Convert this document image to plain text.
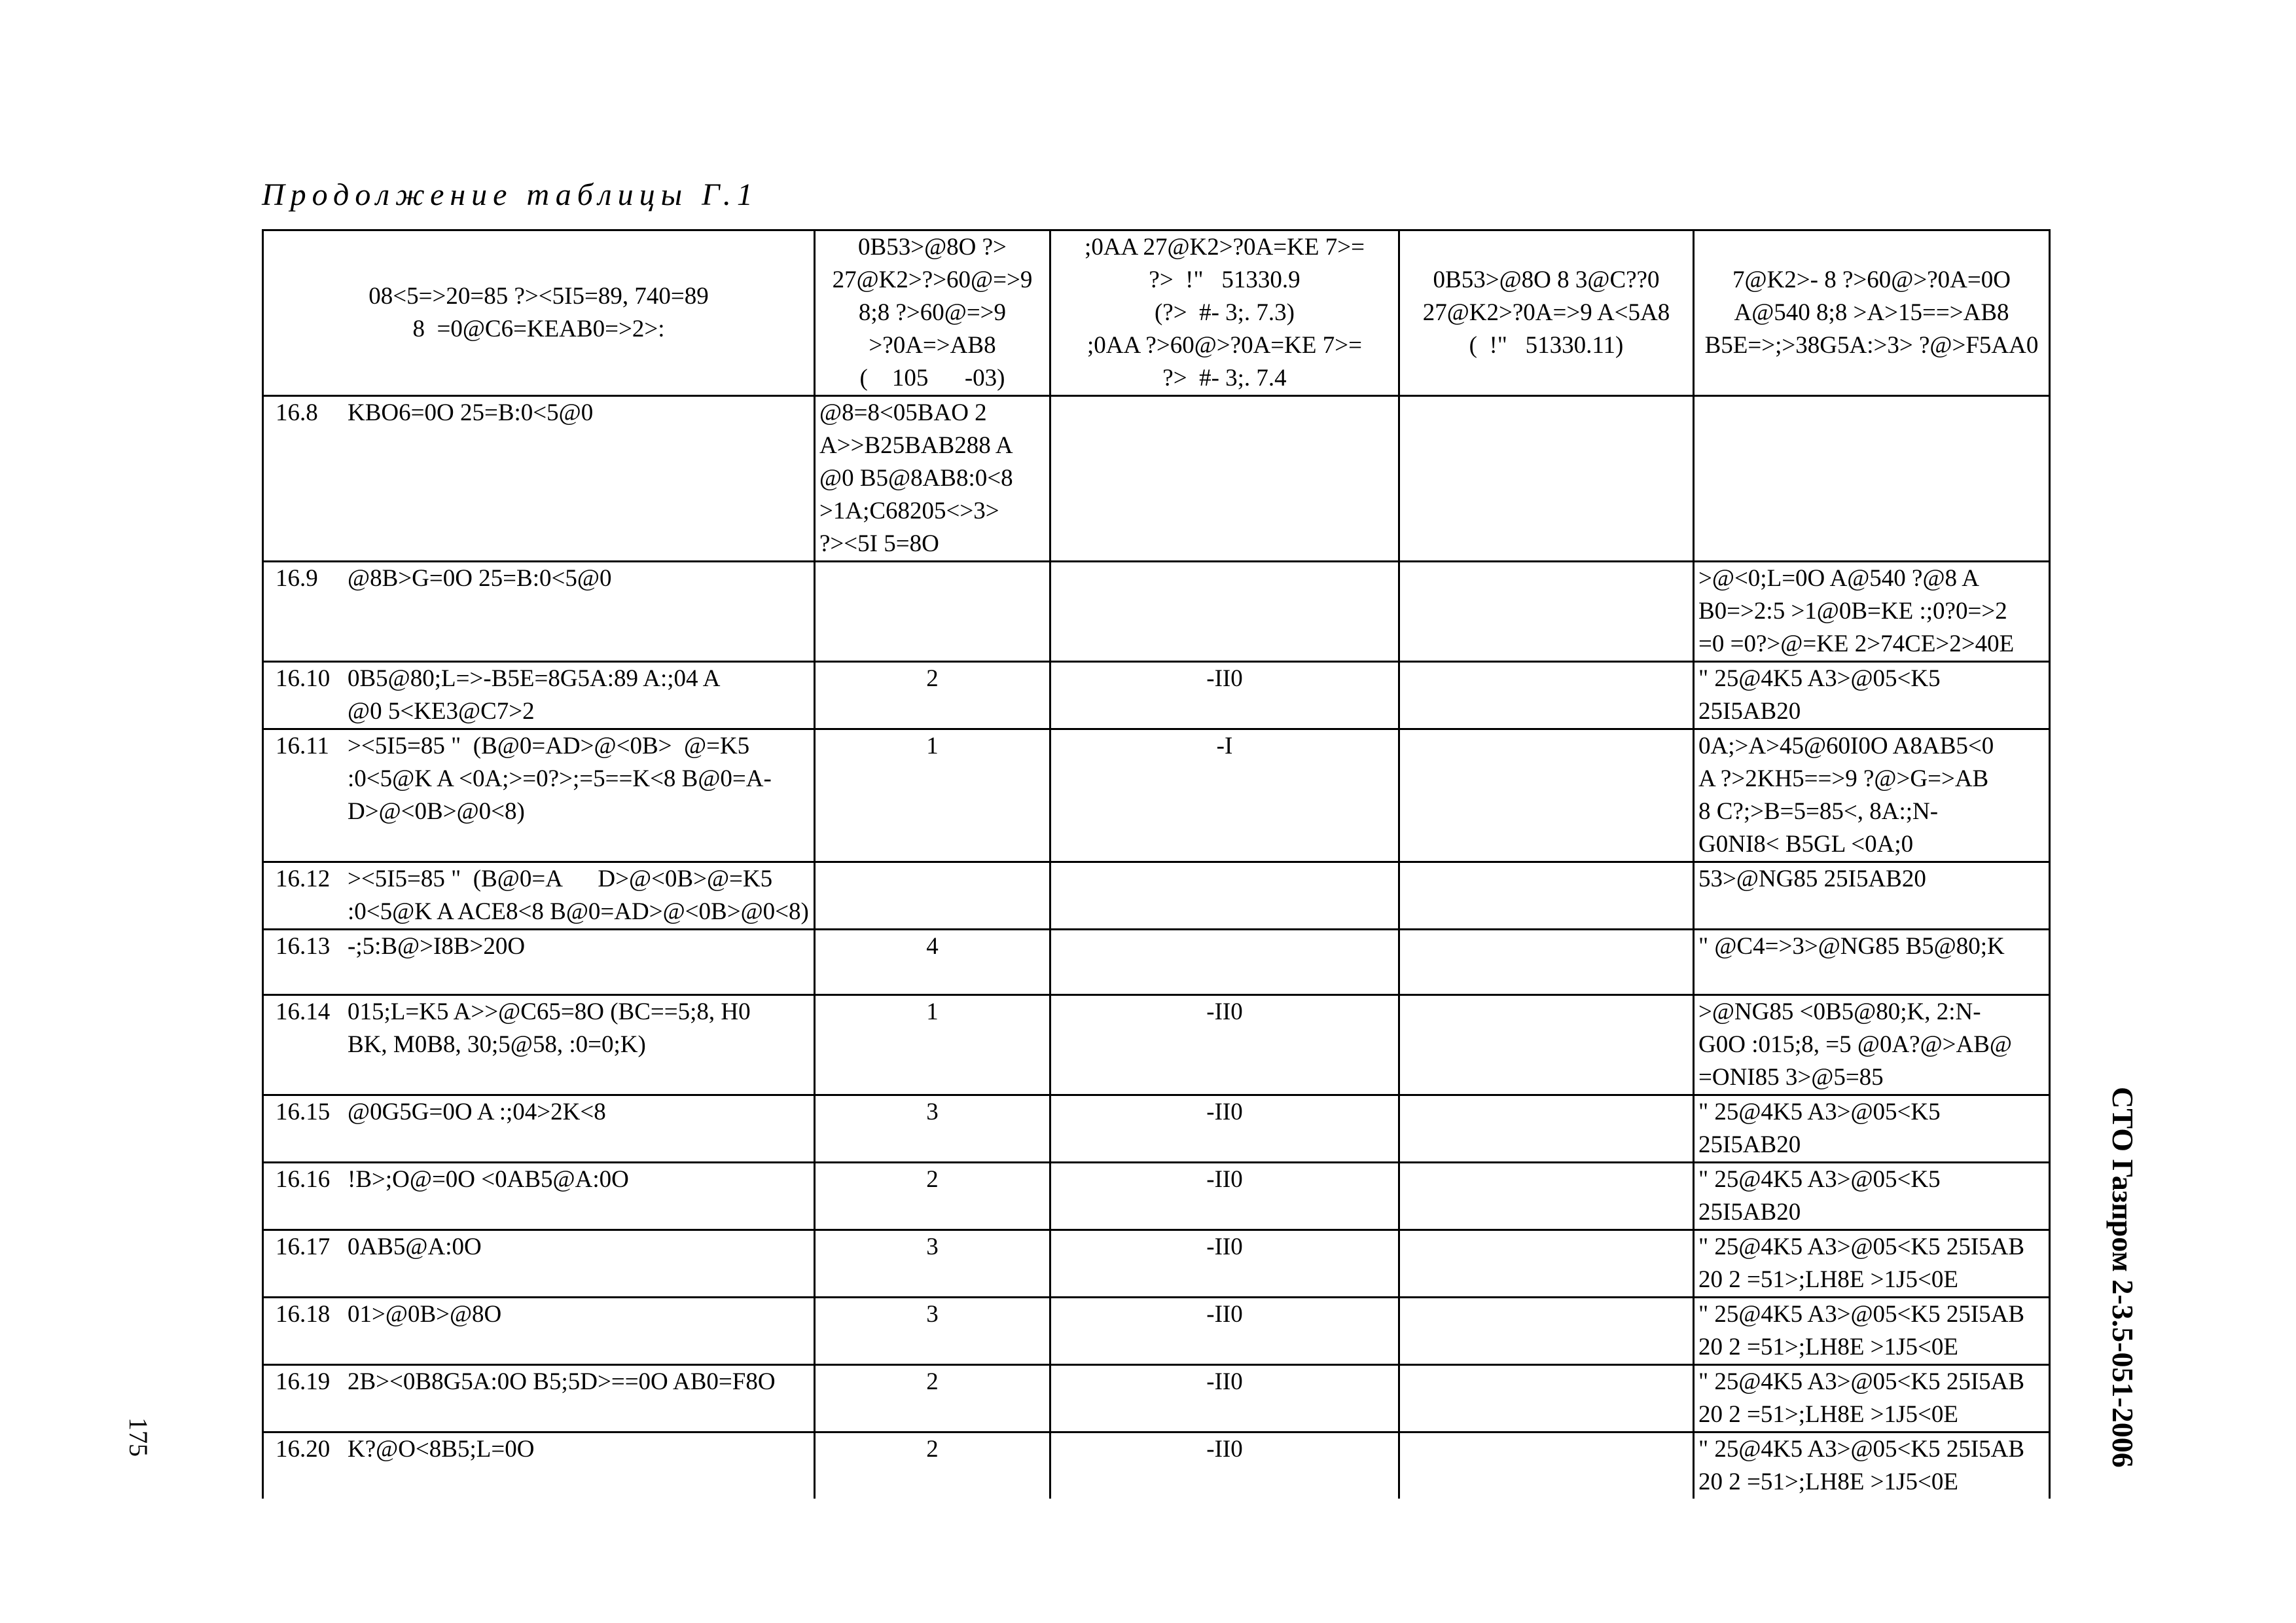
Продолжение таблицы Г.1
08<5=>20=85 ?><5I5=89, 740=89
8  =0@C6=KEAB0=>2>:	0B53>@8O ?>
27@K2>?>60@=>9
8;8 ?>60@=>9
>?0A=>AB8
(    105      -03)	;0AA 27@K2>?0A=KE 7>=
?>  !"   51330.9
(?>  #- 3;. 7.3)
;0AA ?>60@>?0A=KE 7>=
?>  #- 3;. 7.4	0B53>@8O 8 3@C??0
27@K2>?0A=>9 A<5A8
(  !"   51330.11)	7@K2>- 8 ?>60@>?0A=0O
A@540 8;8 >A>15==>AB8
B5E=>;>38G5A:>3> ?@>F5AA0
16.8 KBO6=0O 25=B:0<5@0	@8=8<05BAO 2
A>>B25BAB288 A
@0 B5@8AB8:0<8
>1A;C68205<>3>
?><5I 5=8O			
16.9 @8B>G=0O 25=B:0<5@0				>@<0;L=0O A@540 ?@8 A
B0=>2:5 >1@0B=KE :;0?0=>2
=0 =0?>@=KE 2>74CE>2>40E
16.10 0B5@80;L=>-B5E=8G5A:89 A:;04 A
@0 5<KE3@C7>2	2	-II0		" 25@4K5 A3>@05<K5
25I5AB20
16.11 ><5I5=85 "  (B@0=AD>@<0B>  @=K5
:0<5@K A <0A;>=0?>;=5==K<8 B@0=A-
D>@<0B>@0<8)	1	-I		0A;>A>45@60I0O A8AB5<0
A ?>2KH5==>9 ?@>G=>AB
8 C?;>B=5=85<, 8A:;N-
G0NI8< B5GL <0A;0
16.12 ><5I5=85 "  (B@0=A      D>@<0B>@=K5
:0<5@K A ACE8<8 B@0=AD>@<0B>@0<8)				53>@NG85 25I5AB20
16.13 -;5:B@>I8B>20O	4			" @C4=>3>@NG85 B5@80;K
16.14 015;L=K5 A>>@C65=8O (BC==5;8, H0
BK, M0B8, 30;5@58, :0=0;K)	1	-II0		>@NG85 <0B5@80;K, 2:N-
G0O :015;8, =5 @0A?@>AB@
=ONI85 3>@5=85
16.15 @0G5G=0O A :;04>2K<8	3	-II0		" 25@4K5 A3>@05<K5
25I5AB20
16.16 !B>;O@=0O <0AB5@A:0O	2	-II0		" 25@4K5 A3>@05<K5
25I5AB20
16.17 0AB5@A:0O	3	-II0		" 25@4K5 A3>@05<K5 25I5AB
20 2 =51>;LH8E >1J5<0E
16.18 01>@0B>@8O	3	-II0		" 25@4K5 A3>@05<K5 25I5AB
20 2 =51>;LH8E >1J5<0E
16.19 2B><0B8G5A:0O B5;5D>==0O AB0=F8O	2	-II0		" 25@4K5 A3>@05<K5 25I5AB
20 2 =51>;LH8E >1J5<0E
16.20 K?@O<8B5;L=0O	2	-II0		" 25@4K5 A3>@05<K5 25I5AB
20 2 =51>;LH8E >1J5<0E
СТО Газпром 2-3.5-051-2006
175
